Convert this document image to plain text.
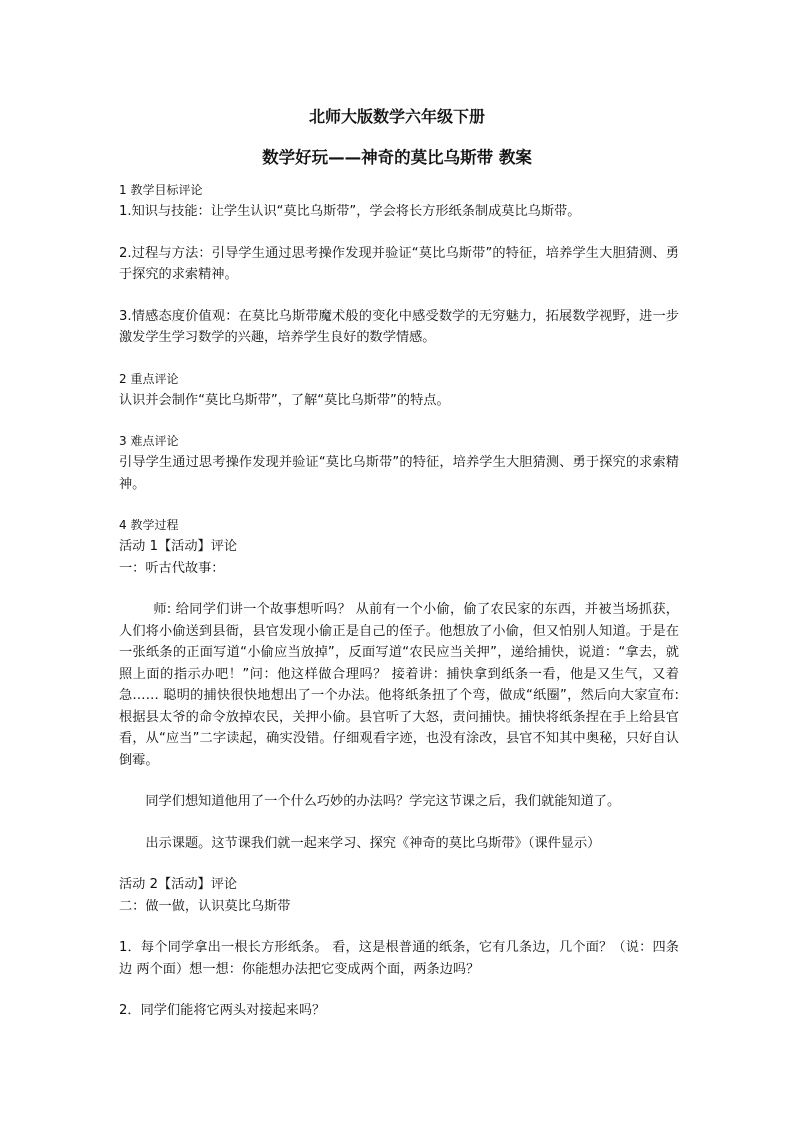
北师大版数学六年级下册
数学好玩——神奇的莫比乌斯带 教案

1 教学目标评论

1.知识与技能：让学生认识“莫比乌斯带”，学会将长方形纸条制成莫比乌斯带。

2.过程与方法：引导学生通过思考操作发现并验证“莫比乌斯带”的特征，培养学生大胆猜测、勇于探究的求索精神。

3.情感态度价值观：在莫比乌斯带魔术般的变化中感受数学的无穷魅力，拓展数学视野，进一步激发学生学习数学的兴趣，培养学生良好的数学情感。

2 重点评论

认识并会制作“莫比乌斯带”，了解“莫比乌斯带”的特点。

3 难点评论

引导学生通过思考操作发现并验证“莫比乌斯带”的特征，培养学生大胆猜测、勇于探究的求索精神。

4 教学过程

活动 1【活动】评论

一：听古代故事：

师: 给同学们讲一个故事想听吗？ 从前有一个小偷，偷了农民家的东西，并被当场抓获，人们将小偷送到县衙，县官发现小偷正是自己的侄子。他想放了小偷，但又怕别人知道。于是在一张纸条的正面写道“小偷应当放掉”，反面写道“农民应当关押”，递给捕快，说道：“拿去，就照上面的指示办吧！”问：他这样做合理吗？ 接着讲：捕快拿到纸条一看，他是又生气，又着急…… 聪明的捕快很快地想出了一个办法。他将纸条扭了个弯，做成“纸圈”，然后向大家宣布: 根据县太爷的命令放掉农民，关押小偷。县官听了大怒，责问捕快。捕快将纸条捏在手上给县官看，从“应当”二字读起，确实没错。仔细观看字迹，也没有涂改，县官不知其中奥秘，只好自认倒霉。

同学们想知道他用了一个什么巧妙的办法吗？学完这节课之后，我们就能知道了。

出示课题。这节课我们就一起来学习、探究《神奇的莫比乌斯带》（课件显示）

活动 2【活动】评论

二：做一做，认识莫比乌斯带

1．每个同学拿出一根长方形纸条。 看，这是根普通的纸条，它有几条边，几个面？（说：四条边 两个面）想一想：你能想办法把它变成两个面，两条边吗？

2．同学们能将它两头对接起来吗？
